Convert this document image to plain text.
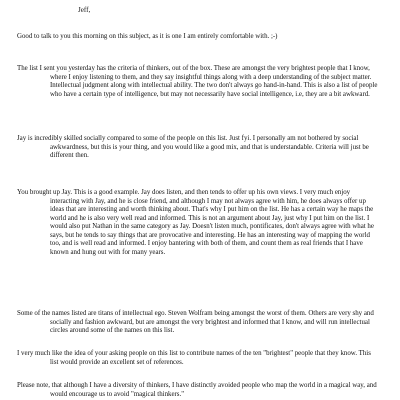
Jeff,

Good to talk to you this morning on this subject, as it is one I am entirely comfortable with. ;-)

The list I sent you yesterday has the criteria of thinkers, out of the box. These are amongst the very brightest people that I know, where I enjoy listening to them, and they say insightful things along with a deep understanding of the subject matter. Intellectual judgment along with intellectual ability. The two don't always go hand-in-hand. This is also a list of people who have a certain type of intelligence, but may not necessarily have social intelligence, i.e, they are a bit awkward.

Jay is incredibly skilled socially compared to some of the people on this list. Just fyi. I personally am not bothered by social awkwardness, but this is your thing, and you would like a good mix, and that is understandable. Criteria will just be different then.

You brought up Jay. This is a good example. Jay does listen, and then tends to offer up his own views. I very much enjoy interacting with Jay, and he is close friend, and although I may not always agree with him, he does always offer up ideas that are interesting and worth thinking about. That's why I put him on the list. He has a certain way he maps the world and he is also very well read and informed. This is not an argument about Jay, just why I put him on the list. I would also put Nathan in the same category as Jay. Doesn't listen much, pontificates, don't always agree with what he says, but he tends to say things that are provocative and interesting. He has an interesting way of mapping the world too, and is well read and informed. I enjoy bantering with both of them, and count them as real friends that I have known and hung out with for many years.

Some of the names listed are titans of intellectual ego. Steven Wolfram being amongst the worst of them. Others are very shy and socially and fashion awkward, but are amongst the very brightest and informed that I know, and will run intellectual circles around some of the names on this list.

I very much like the idea of your asking people on this list to contribute names of the ten "brightest" people that they know. This list would provide an excellent set of references.

Please note, that although I have a diversity of thinkers, I have distinctly avoided people who map the world in a magical way, and would encourage us to avoid "magical thinkers."
